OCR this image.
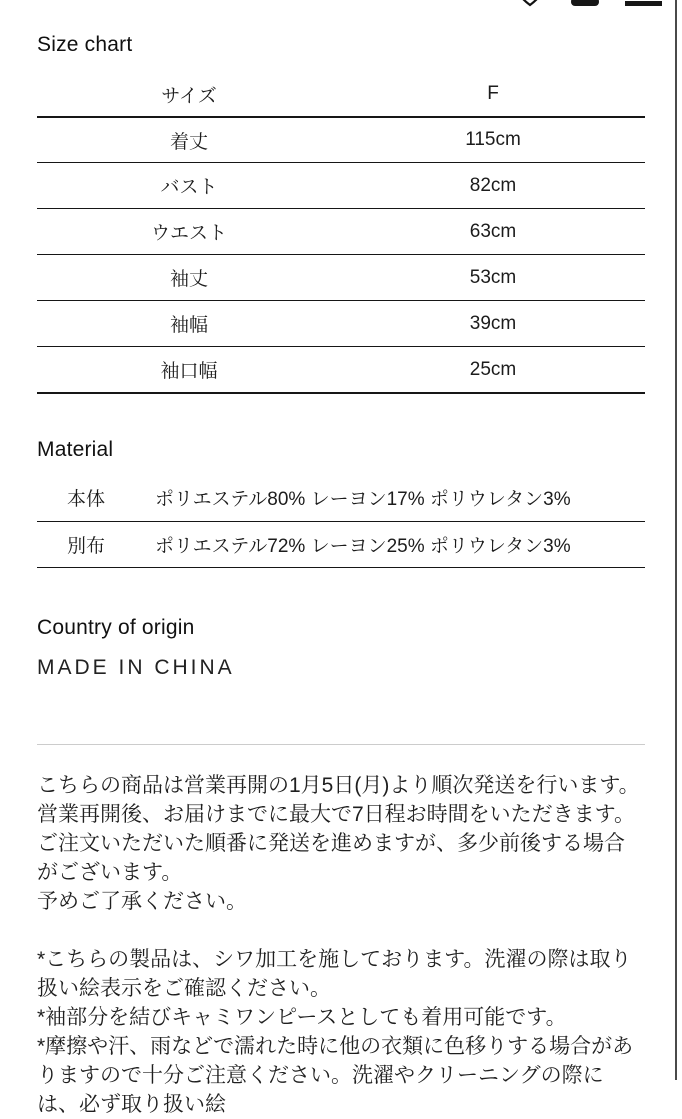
Size chart
サイズ	F
着丈	115cm
バスト	82cm
ウエスト	63cm
袖丈	53cm
袖幅	39cm
袖口幅	25cm
Material
本体	ポリエステル80% レーヨン17% ポリウレタン3%
別布	ポリエステル72% レーヨン25% ポリウレタン3%
Country of origin
MADE IN CHINA
こちらの商品は営業再開の1月5日(月)より順次発送を行います。
営業再開後、お届けまでに最大で7日程お時間をいただきます。
ご注文いただいた順番に発送を進めますが、多少前後する場合がございます。
予めご了承ください。
*こちらの製品は、シワ加工を施しております。洗濯の際は取り扱い絵表示をご確認ください。
*袖部分を結びキャミワンピースとしても着用可能です。
*摩擦や汗、雨などで濡れた時に他の衣類に色移りする場合がありますので十分ご注意ください。洗濯やクリーニングの際には、必ず取り扱い絵
